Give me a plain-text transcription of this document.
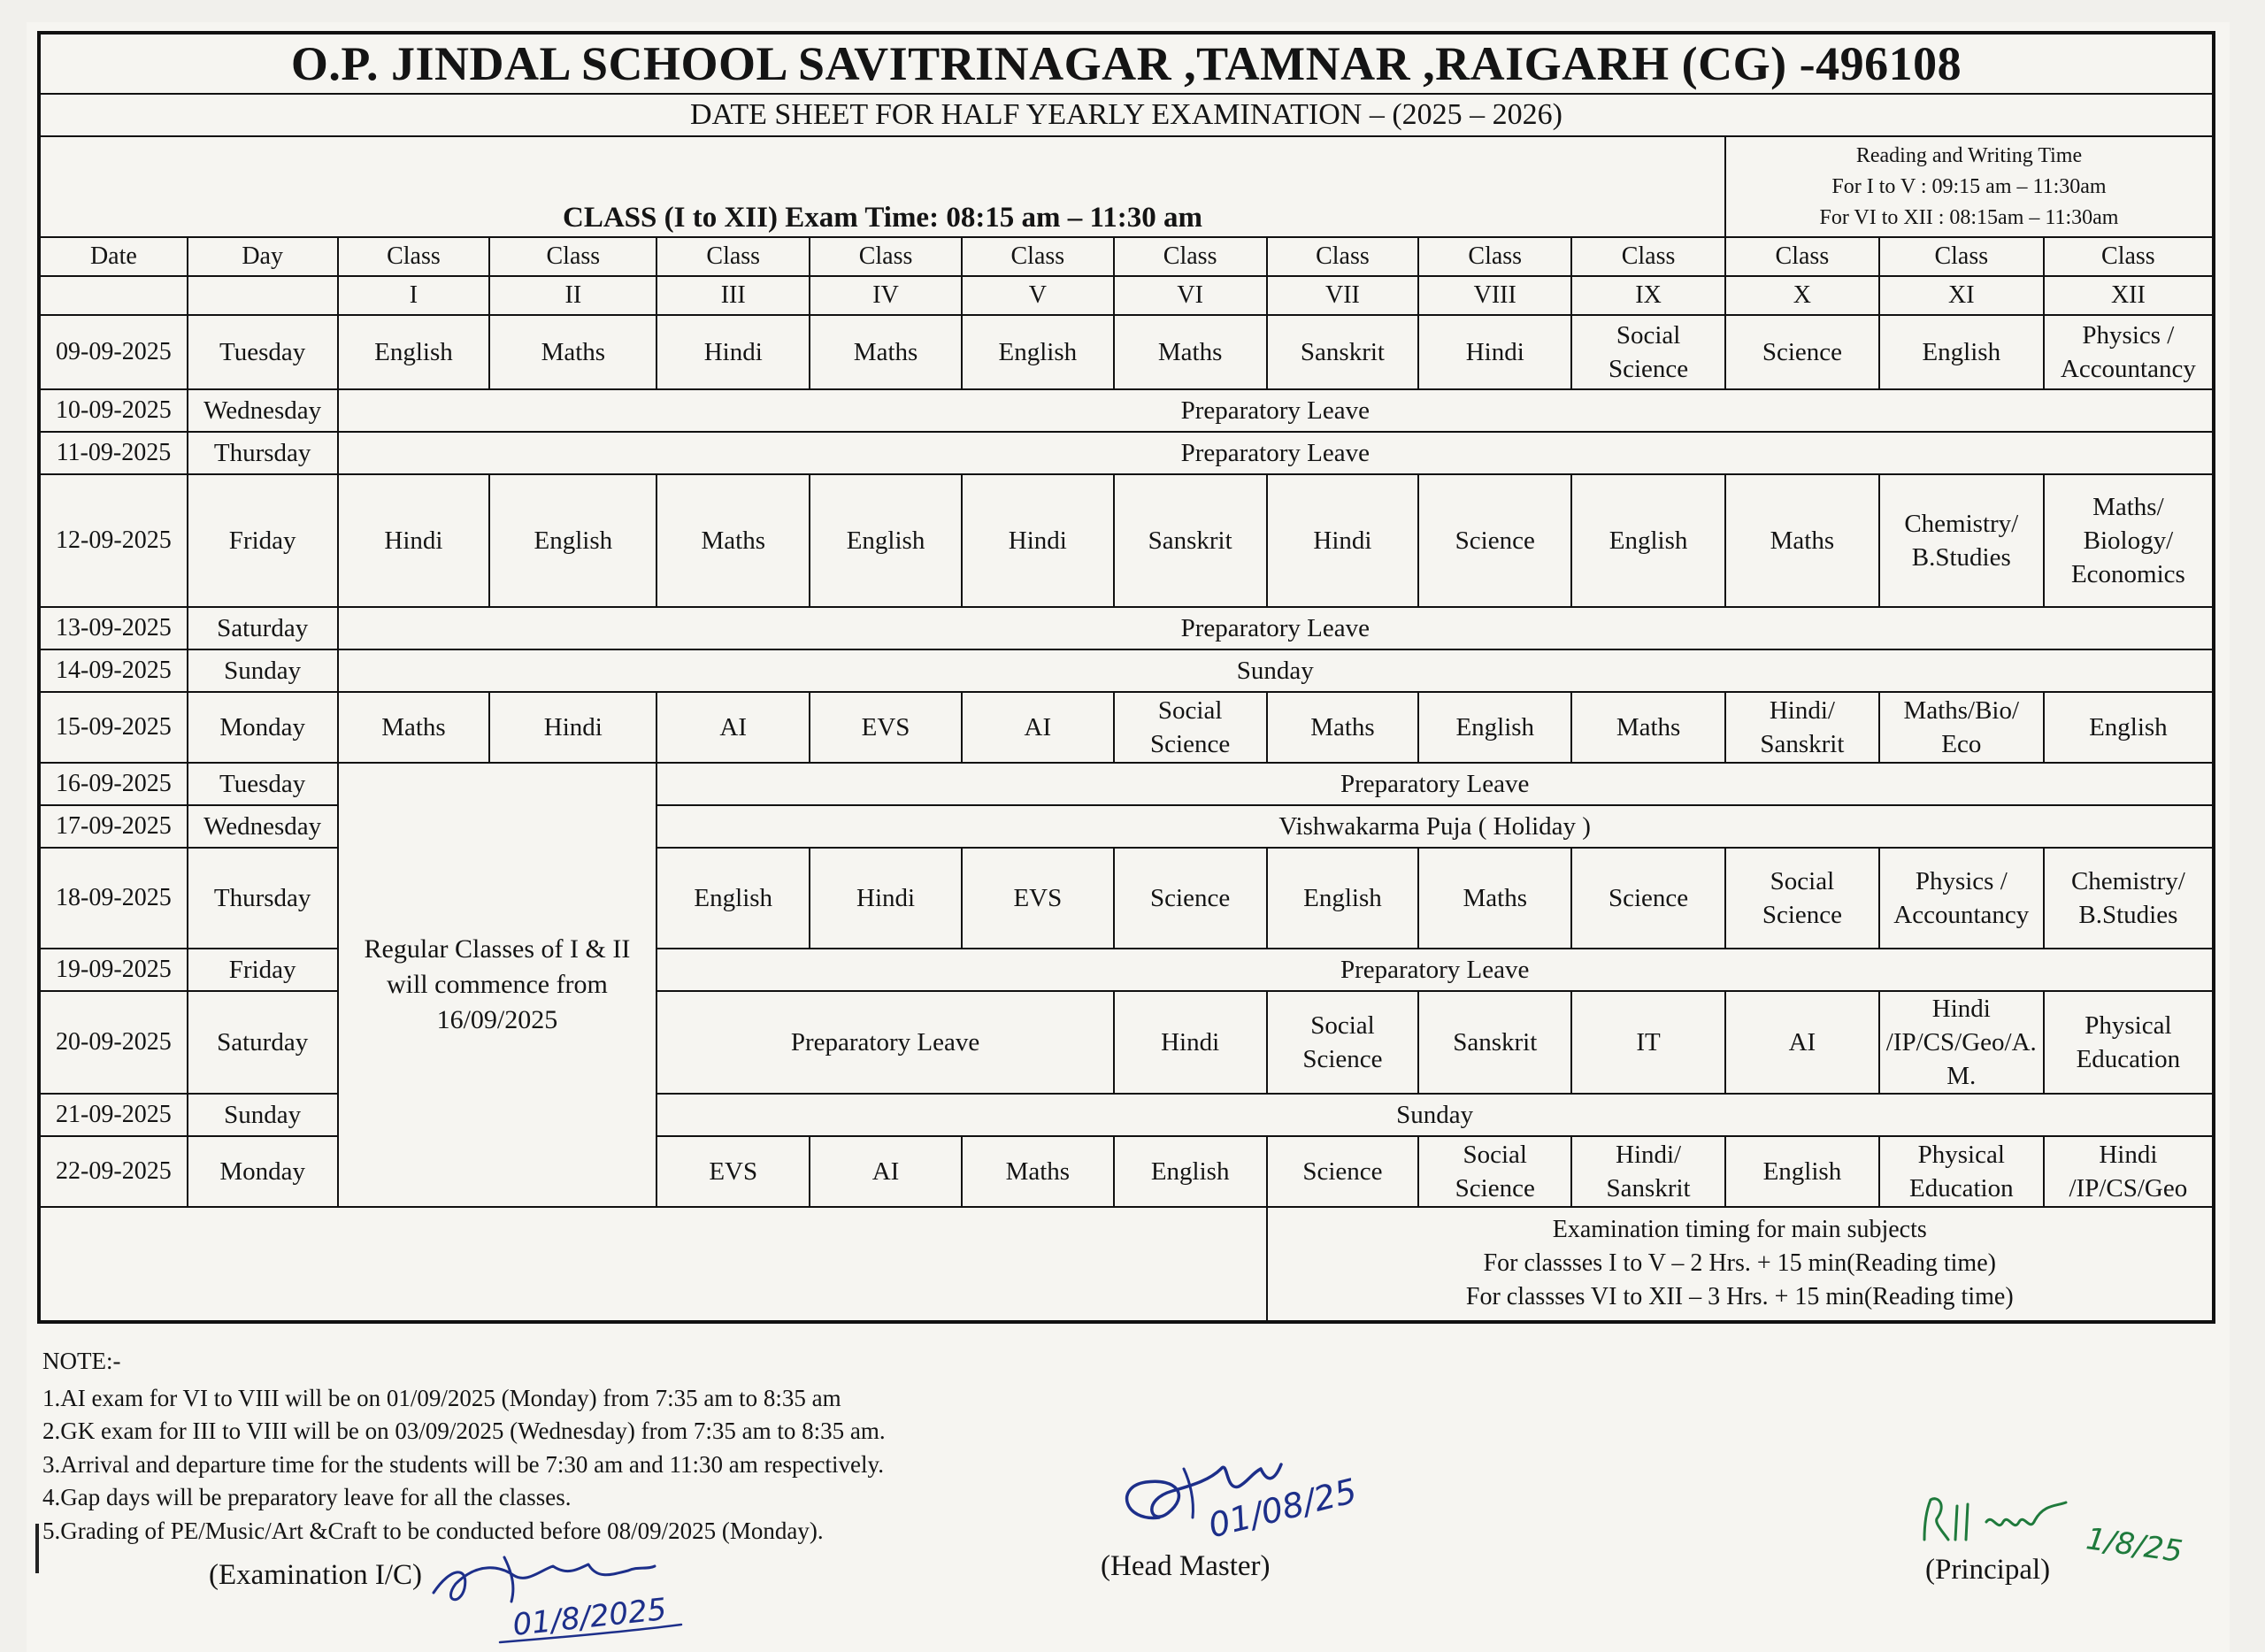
O.P. JINDAL SCHOOL SAVITRINAGAR ,TAMNAR ,RAIGARH (CG) -496108													
DATE SHEET FOR HALF YEARLY EXAMINATION – (2025 – 2026)													
CLASS (I to XII) Exam Time: 08:15 am – 11:30 am											Reading and Writing Time
For I to V : 09:15 am – 11:30am
For VI to XII : 08:15am – 11:30am		

Date	Day	Class	Class	Class	Class	Class	Class	Class	Class	Class	Class	Class	Class
		I	II	III	IV	V	VI	VII	VIII	IX	X	XI	XII
09-09-2025	Tuesday	English	Maths	Hindi	Maths	English	Maths	Sanskrit	Hindi	Social Science	Science	English	Physics / Accountancy
10-09-2025	Wednesday	Preparatory Leave											
11-09-2025	Thursday	Preparatory Leave											
12-09-2025	Friday	Hindi	English	Maths	English	Hindi	Sanskrit	Hindi	Science	English	Maths	Chemistry/ B.Studies	Maths/ Biology/ Economics
13-09-2025	Saturday	Preparatory Leave											
14-09-2025	Sunday	Sunday											
15-09-2025	Monday	Maths	Hindi	AI	EVS	AI	Social Science	Maths	English	Maths	Hindi/ Sanskrit	Maths/Bio/ Eco	English
16-09-2025	Tuesday	Regular Classes of I & II will commence from 16/09/2025		Preparatory Leave									
17-09-2025	Wednesday			Vishwakarma Puja ( Holiday )									
18-09-2025	Thursday			English	Hindi	EVS	Science	English	Maths	Science	Social Science	Physics / Accountancy	Chemistry/ B.Studies
19-09-2025	Friday			Preparatory Leave									
20-09-2025	Saturday			Preparatory Leave			Hindi	Social Science	Sanskrit	IT	AI	Hindi /IP/CS/Geo/A. M.	Physical Education
21-09-2025	Sunday			Sunday									
22-09-2025	Monday			EVS	AI	Maths	English	Science	Social Science	Hindi/ Sanskrit	English	Physical Education	Hindi /IP/CS/Geo

								Examination timing for main subjects
For classses I to V – 2 Hrs. + 15 min(Reading time)
For classses VI to XII – 3 Hrs. + 15 min(Reading time)					
NOTE:-
1.AI exam for VI to VIII will be on 01/09/2025 (Monday) from 7:35 am to 8:35 am
2.GK exam for III to VIII will be on 03/09/2025 (Wednesday) from 7:35 am to 8:35 am.
3.Arrival and departure time for the students will be 7:30 am and 11:30 am respectively.
4.Gap days will be preparatory leave for all the classes.
5.Grading of PE/Music/Art &Craft to be conducted before 08/09/2025 (Monday).
(Examination I/C)	(Head Master)	(Principal)
01/8/2025
01/08/25
1/8/25
